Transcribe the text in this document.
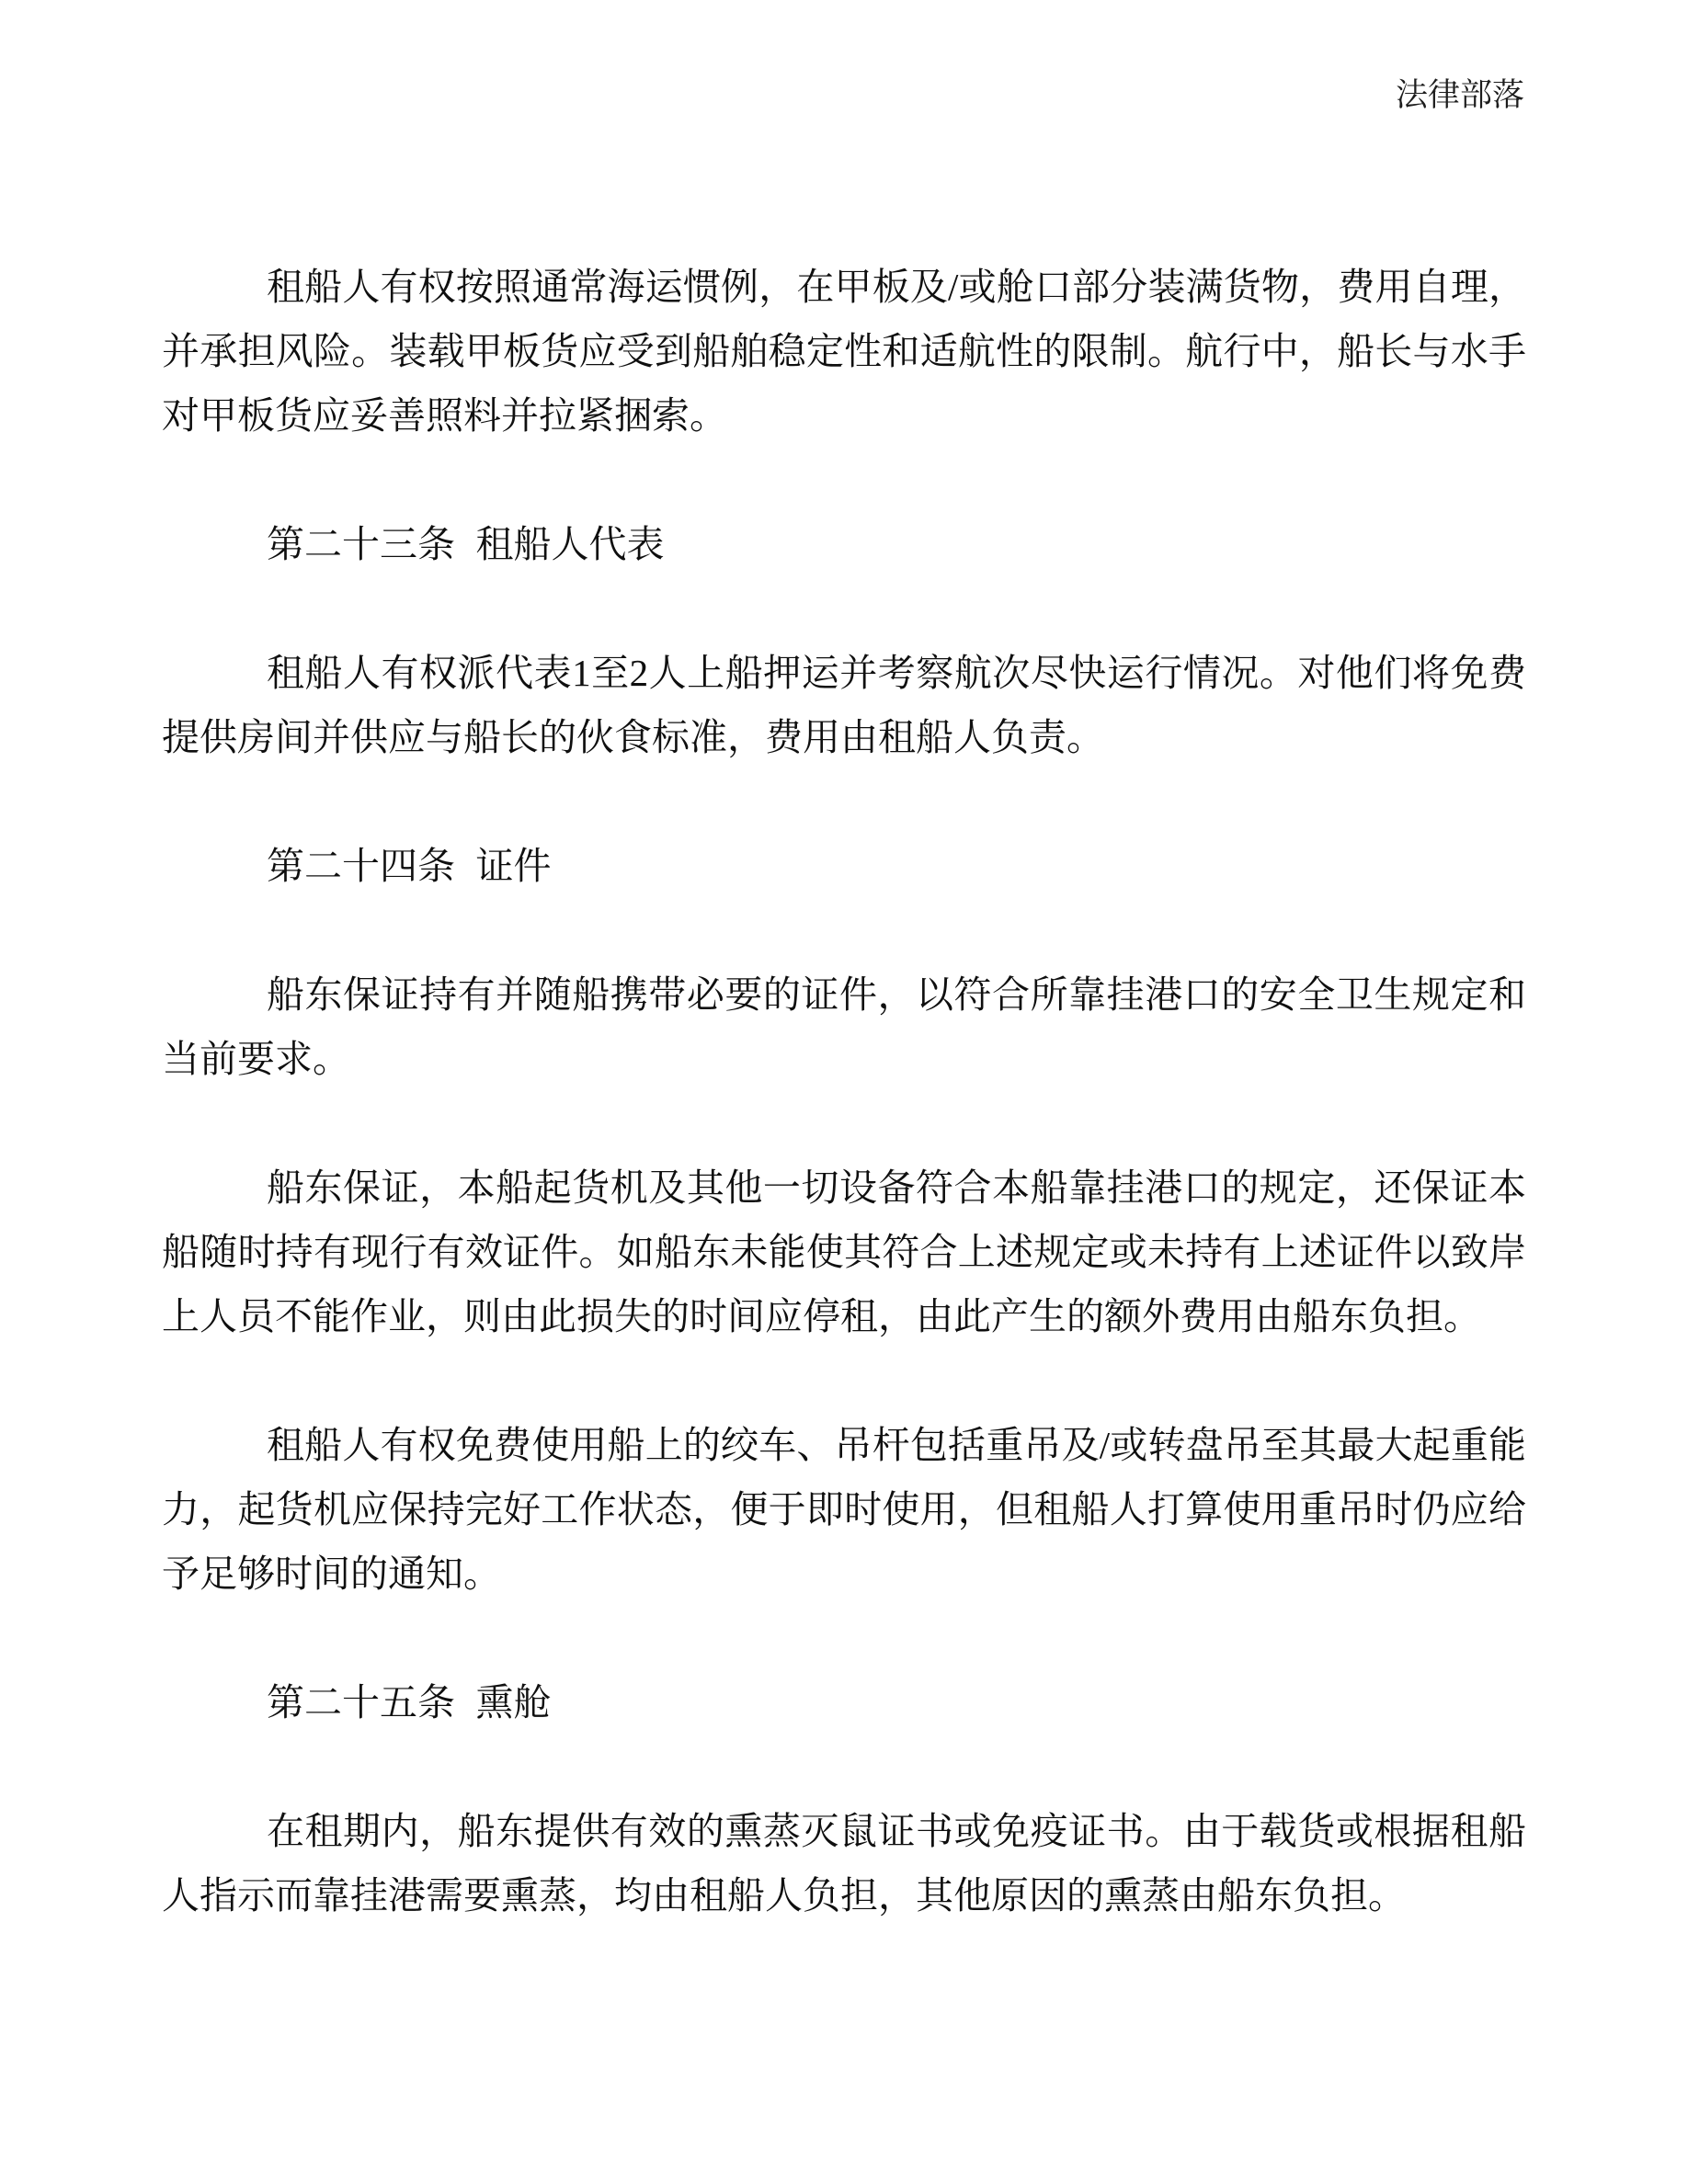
法律部落

租船人有权按照通常海运惯例，在甲板及/或舱口部分装满货物，费用自理，并承担风险。装载甲板货应受到船舶稳定性和适航性的限制。航行中，船长与水手对甲板货应妥善照料并拉紧捆索。

第二十三条 租船人代表

租船人有权派代表1至2人上船押运并考察航次尽快运行情况。对他们将免费提供房间并供应与船长的伙食标准，费用由租船人负责。

第二十四条 证件

船东保证持有并随船携带必要的证件，以符合所靠挂港口的安全卫生规定和当前要求。

船东保证，本船起货机及其他一切设备符合本船靠挂港口的规定，还保证本船随时持有现行有效证件。如船东未能使其符合上述规定或未持有上述证件以致岸上人员不能作业，则由此损失的时间应停租，由此产生的额外费用由船东负担。

租船人有权免费使用船上的绞车、吊杆包括重吊及/或转盘吊至其最大起重能力，起货机应保持完好工作状态，便于即时使用，但租船人打算使用重吊时仍应给予足够时间的通知。

第二十五条 熏舱

在租期内，船东提供有效的熏蒸灭鼠证书或免疫证书。由于载货或根据租船人指示而靠挂港需要熏蒸，均由租船人负担，其他原因的熏蒸由船东负担。
